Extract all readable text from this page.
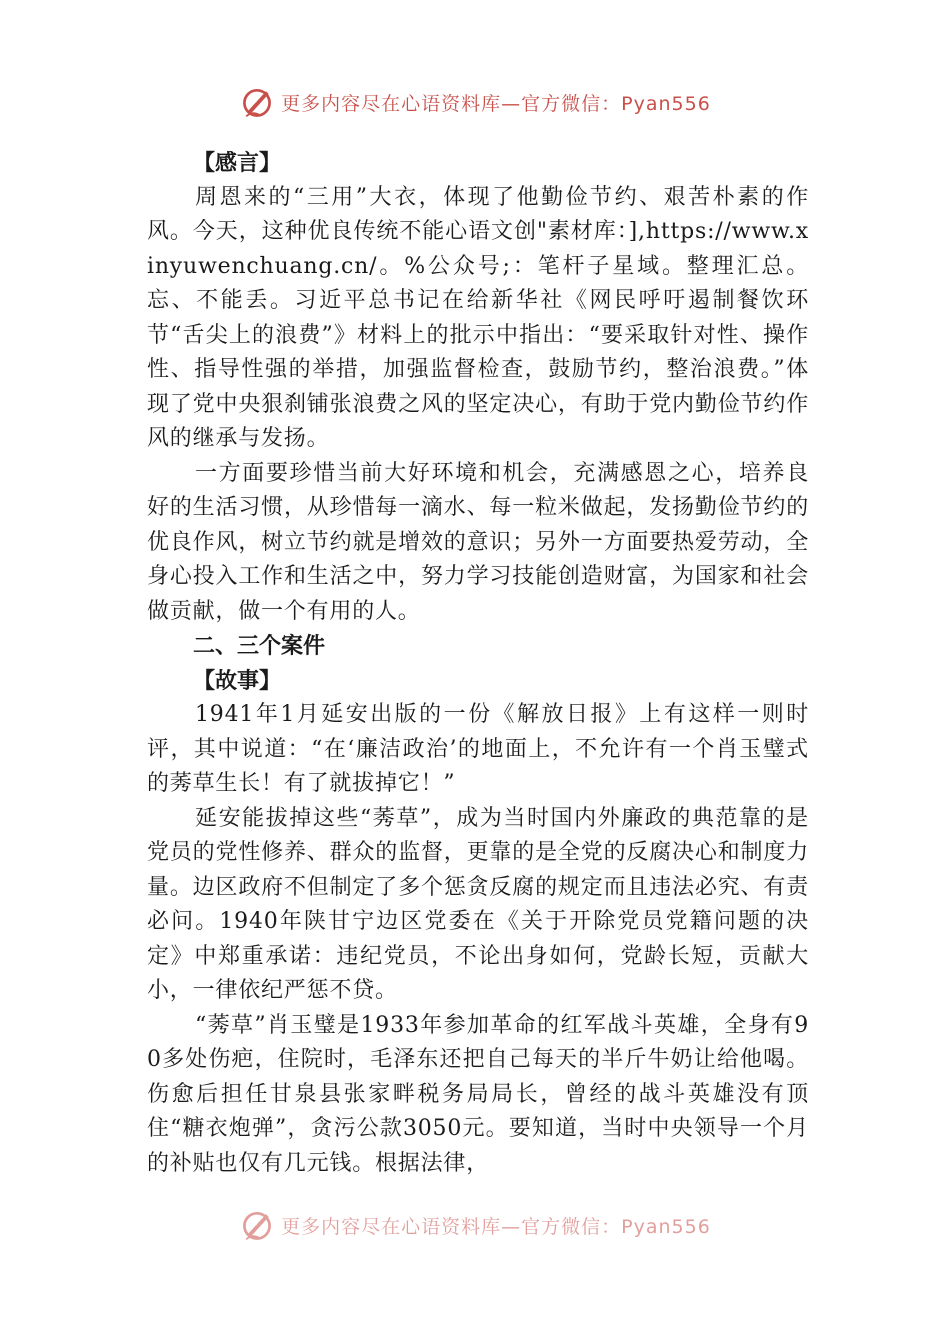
更多内容尽在心语资料库—官方微信：Pyan556

【感言】

周恩来的“三用”大衣，体现了他勤俭节约、艰苦朴素的作风。今天，这种优良传统不能心语文创"素材库：],https://www.xinyuwenchuang.cn/。%公众号;：笔杆子星域。整理汇总。忘、不能丢。习近平总书记在给新华社《网民呼吁遏制餐饮环节“舌尖上的浪费”》材料上的批示中指出：“要采取针对性、操作性、指导性强的举措，加强监督检查，鼓励节约，整治浪费。”体现了党中央狠刹铺张浪费之风的坚定决心，有助于党内勤俭节约作风的继承与发扬。

一方面要珍惜当前大好环境和机会，充满感恩之心，培养良好的生活习惯，从珍惜每一滴水、每一粒米做起，发扬勤俭节约的优良作风，树立节约就是增效的意识；另外一方面要热爱劳动，全身心投入工作和生活之中，努力学习技能创造财富，为国家和社会做贡献，做一个有用的人。

二、三个案件

【故事】

1941年1月延安出版的一份《解放日报》上有这样一则时评，其中说道：“在‘廉洁政治’的地面上，不允许有一个肖玉璧式的莠草生长！有了就拔掉它！”

延安能拔掉这些“莠草”，成为当时国内外廉政的典范靠的是党员的党性修养、群众的监督，更靠的是全党的反腐决心和制度力量。边区政府不但制定了多个惩贪反腐的规定而且违法必究、有责必问。1940年陕甘宁边区党委在《关于开除党员党籍问题的决定》中郑重承诺：违纪党员，不论出身如何，党龄长短，贡献大小，一律依纪严惩不贷。

“莠草”肖玉璧是1933年参加革命的红军战斗英雄，全身有90多处伤疤，住院时，毛泽东还把自己每天的半斤牛奶让给他喝。伤愈后担任甘泉县张家畔税务局局长，曾经的战斗英雄没有顶住“糖衣炮弹”，贪污公款3050元。要知道，当时中央领导一个月的补贴也仅有几元钱。根据法律，

更多内容尽在心语资料库—官方微信：Pyan556
